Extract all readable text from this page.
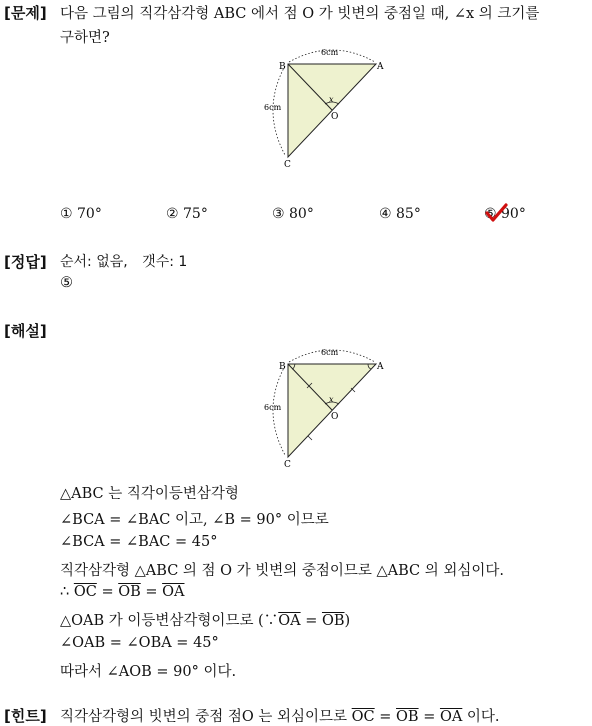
[문제] 다음 그림의 직각삼각형 ABC 에서 점 O 가 빗변의 중점일 때, ∠x 의 크기를
구하면?
B	A
C
O
x
6cm
6cm
① 70°	② 75°	③ 80°	④ 85°	⑤ 90°
[정답] 순서: 없음, 갯수: 1
⑤
[해설]
B	A
C
O
x
6cm
6cm
△ABC 는 직각이등변삼각형
∠BCA = ∠BAC 이고, ∠B = 90° 이므로
∠BCA = ∠BAC = 45°
직각삼각형 △ABC 의 점 O 가 빗변의 중점이므로 △ABC 의 외심이다.
∴ $\overline{OC} = \overline{OB} = \overline{OA}$
△OAB 가 이등변삼각형이므로 $(\because\overline{OA} = \overline{OB})$
∠OAB = ∠OBA = 45°
따라서 ∠AOB = 90° 이다.
[힌트] 직각삼각형의 빗변의 중점 점O 는 외심이므로 $\overline{OC} = \overline{OB} = \overline{OA}$ 이다.
